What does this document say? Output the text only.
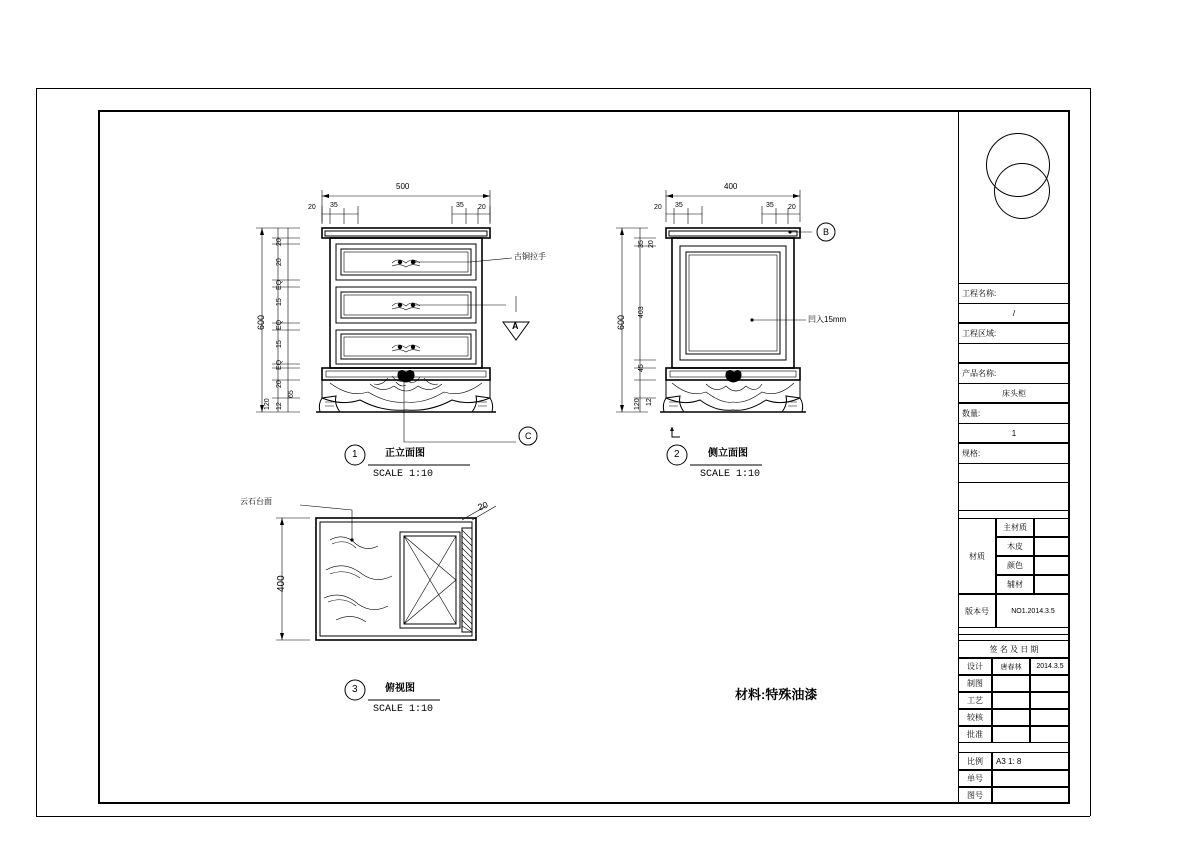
500
20 35	35 20
600
20
20
EQ
15
EQ
15
EQ
20
120 12
65
古铜拉手
A
C
1	正立面图
SCALE 1:10
400
20 35	35 20
600
35 20
403
45
120 12
B
凹入15mm
2	侧立面图
SCALE 1:10
400
20
云石台面
3	俯视图
SCALE 1:10
材料:特殊油漆
工程名称:
/
工程区域:
产品名称:
床头柜
数量:
1
规格:
材质
主材质
木皮
颜色
辅材
版本号	NO1.2014.3.5
签 名 及 日 期
设计	唐春林	2014.3.5
制图
工艺
较核
批准
比例	A3 1: 8
单号
图号
